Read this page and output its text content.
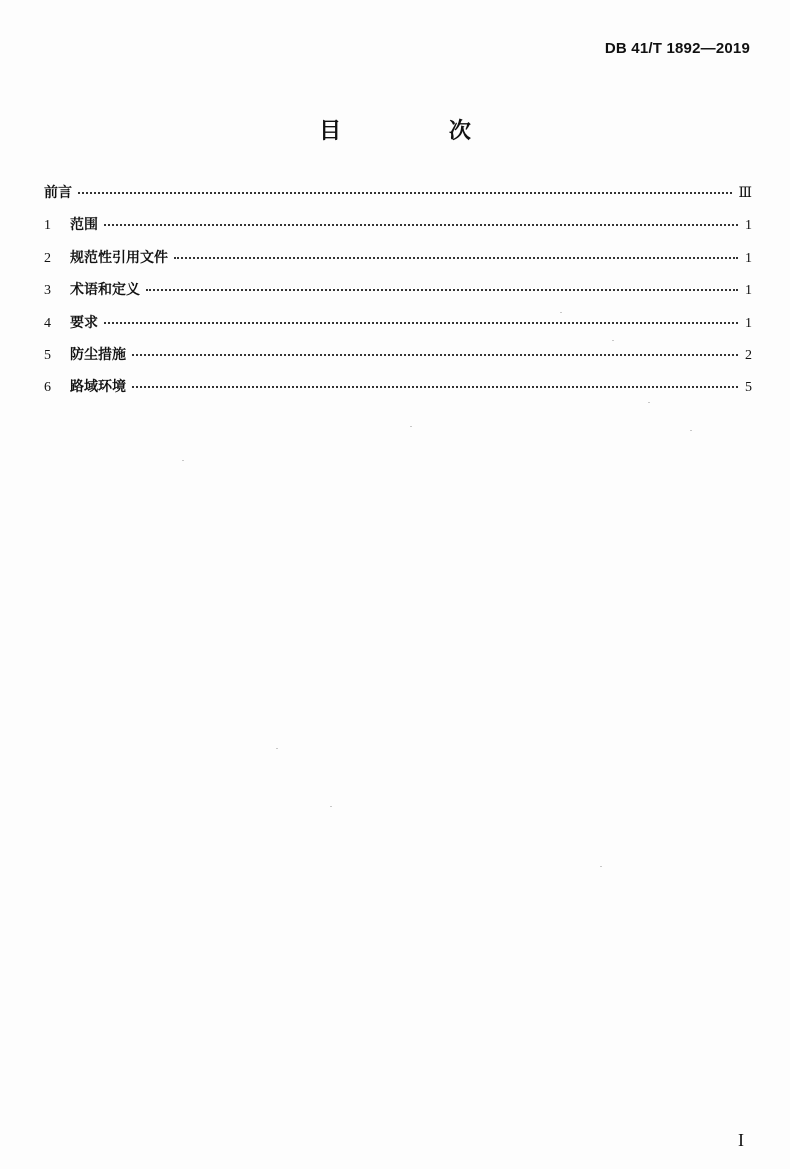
DB 41/T 1892—2019
目 次
前言	Ⅲ
1	范围	1
2	规范性引用文件	1
3	术语和定义	1
4	要求	1
5	防尘措施	2
6	路域环境	5
I
